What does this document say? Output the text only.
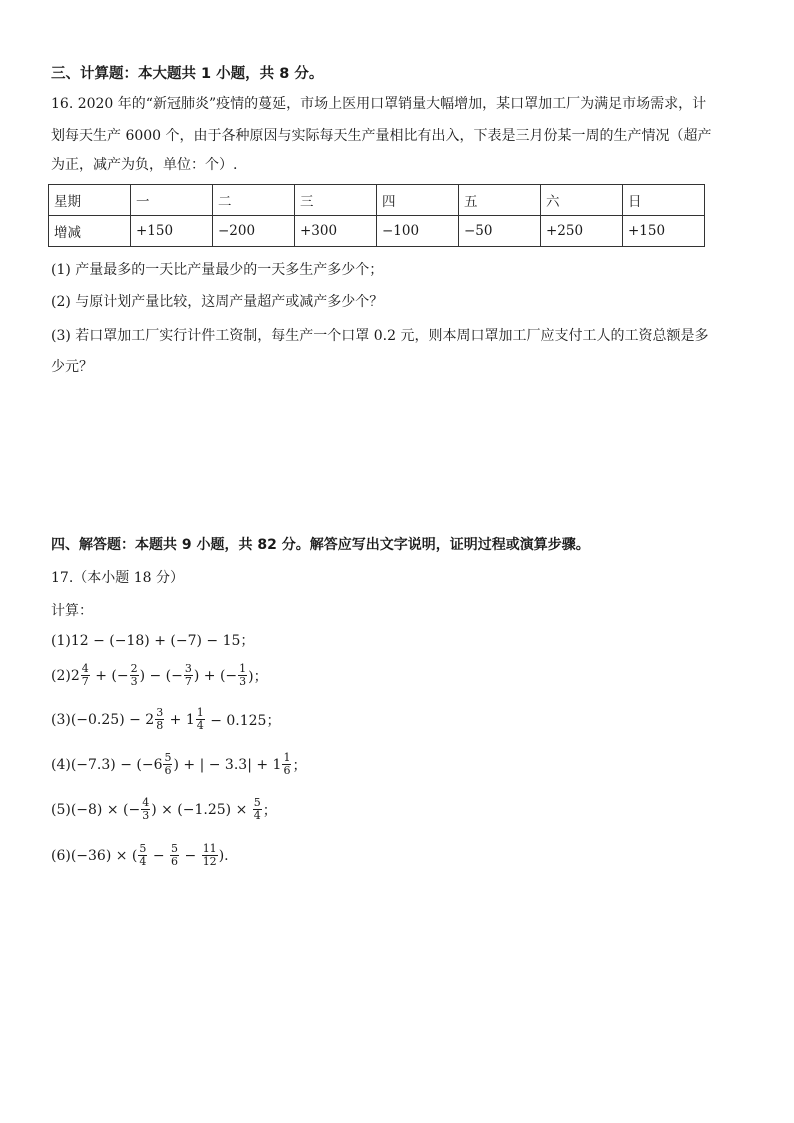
三、计算题：本大题共 1 小题，共 8 分。
16. 2020 年的“新冠肺炎”疫情的蔓延，市场上医用口罩销量大幅增加，某口罩加工厂为满足市场需求，计
划每天生产 6000 个，由于各种原因与实际每天生产量相比有出入，下表是三月份某一周的生产情况（超产
为正，减产为负，单位：个）.
星期	一	二	三	四	五	六	日
增减	+150	−200	+300	−100	−50	+250	+150
(1) 产量最多的一天比产量最少的一天多生产多少个；
(2) 与原计划产量比较，这周产量超产或减产多少个？
(3) 若口罩加工厂实行计件工资制，每生产一个口罩 0.2 元，则本周口罩加工厂应支付工人的工资总额是多
少元？
四、解答题：本题共 9 小题，共 82 分。解答应写出文字说明，证明过程或演算步骤。
17.（本小题 18 分）
计算：
(1)12 − (−18) + (−7) − 15；
$(2)2 \frac{4}{7}$ + (− $\frac{2}{3}$ ) − (− $\frac{3}{7}$ ) + (− $\frac{1}{3}$ )；
$(3)(-0.25) - 2 \frac{3}{8} + 1 \frac{1}{4} - 0.125$；
$(4)(-7.3) - (-6 \frac{5}{6}$ ) + | − $3.3| + 1 \frac{1}{6}$ ；
(5)(−8) × (− $\frac{4}{3}$ ) × $(-1.25) \times \frac{5}{4}$ ；
(6)(−36) × ( $\frac{5}{4} - \frac{5}{6} - \frac{11}{12}$ ).
